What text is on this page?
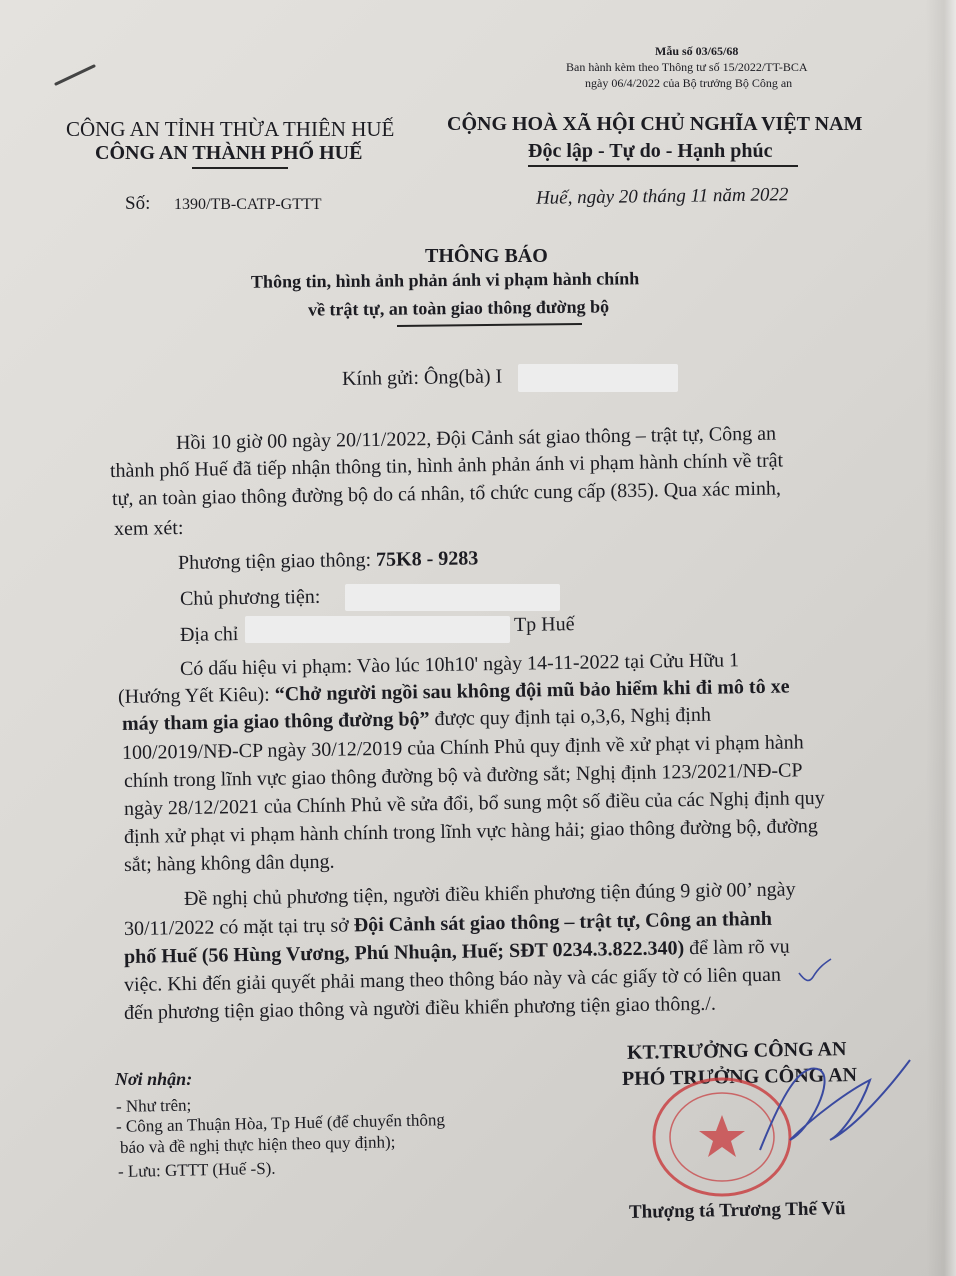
Mẫu số 03/65/68
Ban hành kèm theo Thông tư số 15/2022/TT-BCA
ngày 06/4/2022 của Bộ trưởng Bộ Công an
CÔNG AN TỈNH THỪA THIÊN HUẾ
CÔNG AN THÀNH PHỐ HUẾ
CỘNG HOÀ XÃ HỘI CHỦ NGHĨA VIỆT NAM
Độc lập - Tự do - Hạnh phúc
Số: 1390/TB-CATP-GTTT	Huế, ngày 20 tháng 11 năm 2022
THÔNG BÁO
Thông tin, hình ảnh phản ánh vi phạm hành chính
về trật tự, an toàn giao thông đường bộ
Kính gửi: Ông(bà) I
Hồi 10 giờ 00 ngày 20/11/2022, Đội Cảnh sát giao thông – trật tự, Công an
thành phố Huế đã tiếp nhận thông tin, hình ảnh phản ánh vi phạm hành chính về trật
tự, an toàn giao thông đường bộ do cá nhân, tổ chức cung cấp (835). Qua xác minh,
xem xét:
Phương tiện giao thông: 75K8 - 9283
Chủ phương tiện:
Địa chỉ	Tp Huế
Có dấu hiệu vi phạm: Vào lúc 10h10' ngày 14-11-2022 tại Cửu Hữu 1
(Hướng Yết Kiêu): “Chở người ngồi sau không đội mũ bảo hiểm khi đi mô tô xe
máy tham gia giao thông đường bộ” được quy định tại o,3,6, Nghị định
100/2019/NĐ-CP ngày 30/12/2019 của Chính Phủ quy định về xử phạt vi phạm hành
chính trong lĩnh vực giao thông đường bộ và đường sắt; Nghị định 123/2021/NĐ-CP
ngày 28/12/2021 của Chính Phủ về sửa đổi, bổ sung một số điều của các Nghị định quy
định xử phạt vi phạm hành chính trong lĩnh vực hàng hải; giao thông đường bộ, đường
sắt; hàng không dân dụng.
Đề nghị chủ phương tiện, người điều khiển phương tiện đúng 9 giờ 00’ ngày
30/11/2022 có mặt tại trụ sở Đội Cảnh sát giao thông – trật tự, Công an thành
phố Huế (56 Hùng Vương, Phú Nhuận, Huế; SĐT 0234.3.822.340) để làm rõ vụ
việc. Khi đến giải quyết phải mang theo thông báo này và các giấy tờ có liên quan
đến phương tiện giao thông và người điều khiển phương tiện giao thông./.
Nơi nhận:
- Như trên;
- Công an Thuận Hòa, Tp Huế (để chuyển thông
báo và đề nghị thực hiện theo quy định);
- Lưu: GTTT (Huế -S).
KT.TRƯỞNG CÔNG AN
PHÓ TRƯỞNG CÔNG AN
Thượng tá Trương Thế Vũ
